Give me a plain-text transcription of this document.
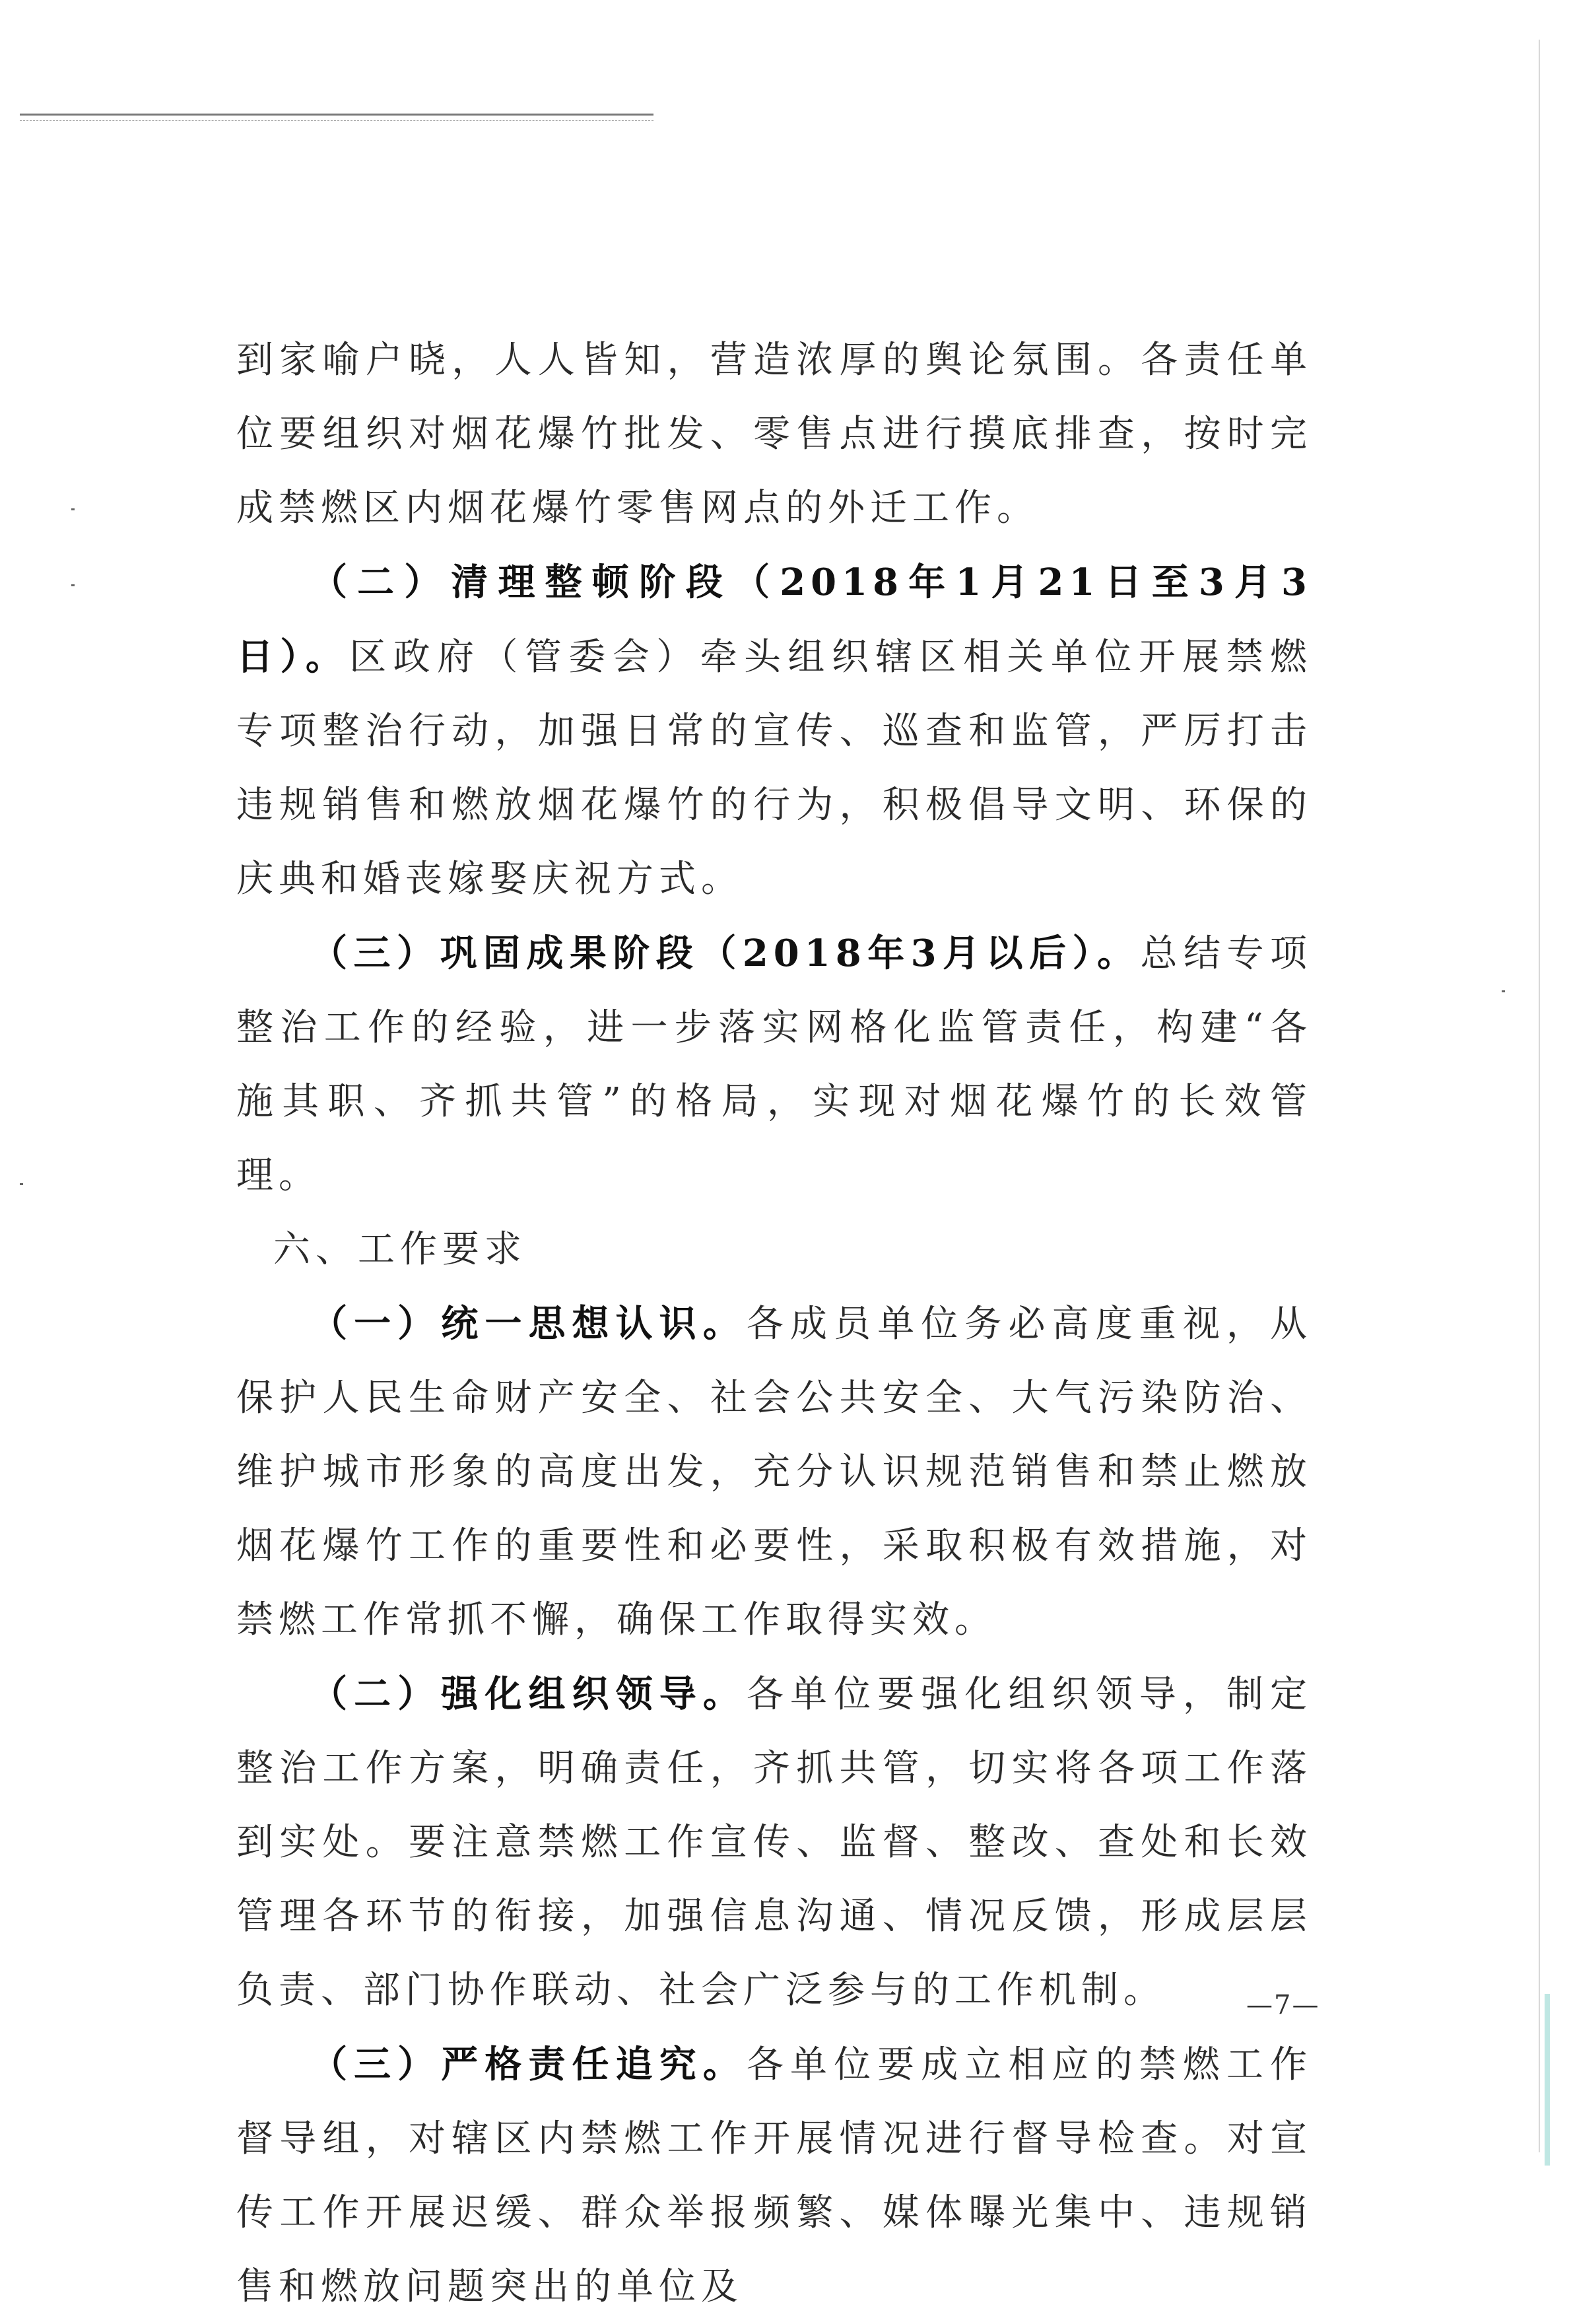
到家喻户晓，人人皆知，营造浓厚的舆论氛围。各责任单位要组织对烟花爆竹批发、零售点进行摸底排查，按时完成禁燃区内烟花爆竹零售网点的外迁工作。

（二）清理整顿阶段（2018年1月21日至3月3日）。区政府（管委会）牵头组织辖区相关单位开展禁燃专项整治行动，加强日常的宣传、巡查和监管，严厉打击违规销售和燃放烟花爆竹的行为，积极倡导文明、环保的庆典和婚丧嫁娶庆祝方式。

（三）巩固成果阶段（2018年3月以后）。总结专项整治工作的经验，进一步落实网格化监管责任，构建“各施其职、齐抓共管”的格局，实现对烟花爆竹的长效管理。

六、工作要求

（一）统一思想认识。各成员单位务必高度重视，从保护人民生命财产安全、社会公共安全、大气污染防治、维护城市形象的高度出发，充分认识规范销售和禁止燃放烟花爆竹工作的重要性和必要性，采取积极有效措施，对禁燃工作常抓不懈，确保工作取得实效。

（二）强化组织领导。各单位要强化组织领导，制定整治工作方案，明确责任，齐抓共管，切实将各项工作落到实处。要注意禁燃工作宣传、监督、整改、查处和长效管理各环节的衔接，加强信息沟通、情况反馈，形成层层负责、部门协作联动、社会广泛参与的工作机制。

（三）严格责任追究。各单位要成立相应的禁燃工作督导组，对辖区内禁燃工作开展情况进行督导检查。对宣传工作开展迟缓、群众举报频繁、媒体曝光集中、违规销售和燃放问题突出的单位及

—7—
